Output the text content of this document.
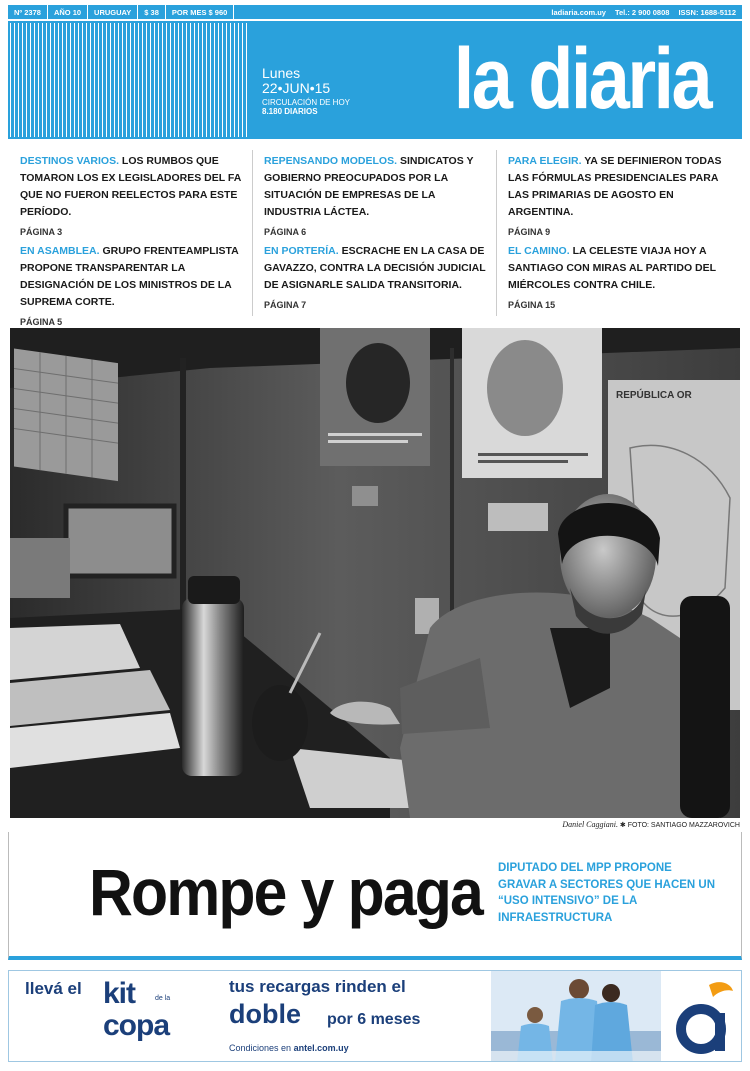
Nº 2378	AÑO 10	URUGUAY	$ 38	POR MES $ 960	ladiaria.com.uy Tel.: 2 900 0808 ISSN: 1688-5112
Lunes
22•JUN•15
CIRCULACIÓN DE HOY
8.180 DIARIOS	la diaria
DESTINOS VARIOS. LOS RUMBOS QUE TOMARON LOS EX LEGISLADORES DEL FA QUE NO FUERON REELECTOS PARA ESTE PERÍODO.
PÁGINA 3
REPENSANDO MODELOS. SINDICATOS Y GOBIERNO PREOCUPADOS POR LA SITUACIÓN DE EMPRESAS DE LA INDUSTRIA LÁCTEA.
PÁGINA 6
PARA ELEGIR. YA SE DEFINIERON TODAS LAS FÓRMULAS PRESIDENCIALES PARA LAS PRIMARIAS DE AGOSTO EN ARGENTINA.
PÁGINA 9
EN ASAMBLEA. GRUPO FRENTEAMPLISTA PROPONE TRANSPARENTAR LA DESIGNACIÓN DE LOS MINISTROS DE LA SUPREMA CORTE.
PÁGINA 5
EN PORTERÍA. ESCRACHE EN LA CASA DE GAVAZZO, CONTRA LA DECISIÓN JUDICIAL DE ASIGNARLE SALIDA TRANSITORIA.
PÁGINA 7
EL CAMINO. LA CELESTE VIAJA HOY A SANTIAGO CON MIRAS AL PARTIDO DEL MIÉRCOLES CONTRA CHILE.
PÁGINA 15
REPÚBLICA OR
Daniel Caggiani. ✱ FOTO: SANTIAGO MAZZAROVICH
Rompe y paga DIPUTADO DEL MPP PROPONE GRAVAR A SECTORES QUE HACEN UN “USO INTENSIVO” DE LA INFRAESTRUCTURA
llevá el kit	de la
copa
tus recargas rinden el
doble por 6 meses
Condiciones en antel.com.uy
